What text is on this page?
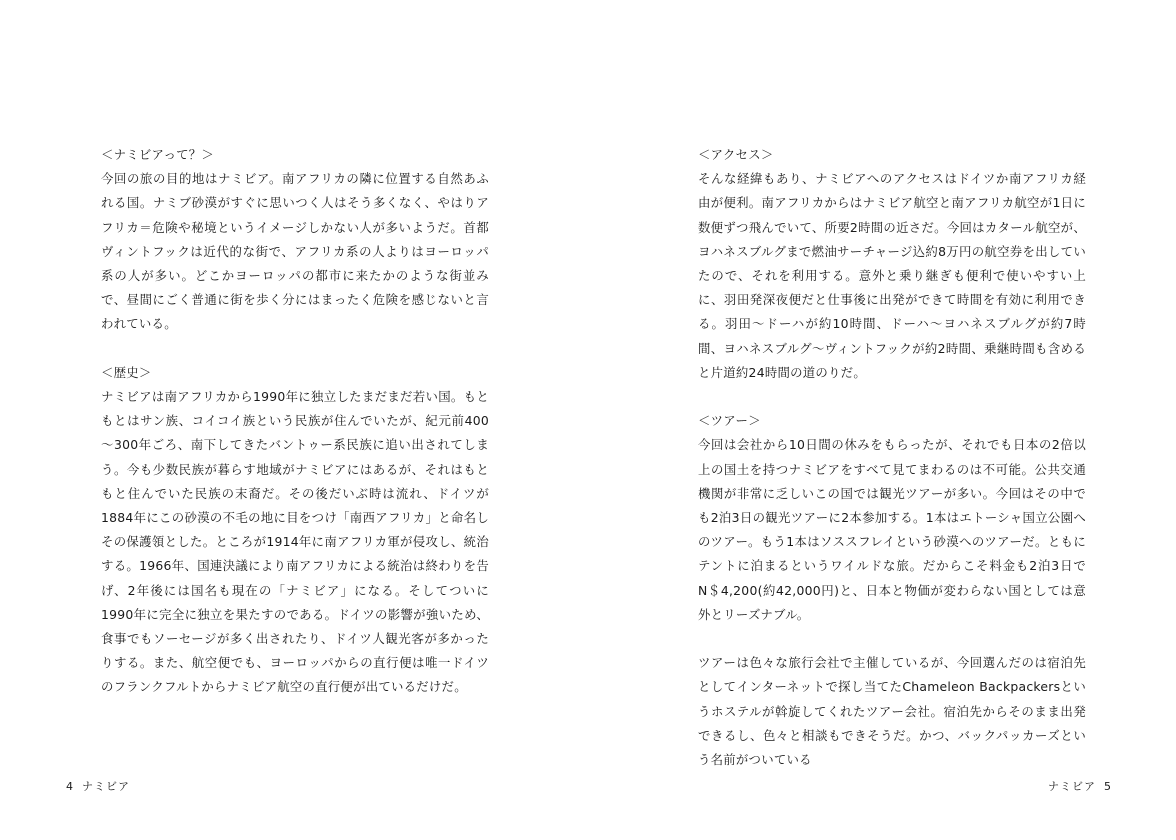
＜ナミビアって？＞

今回の旅の目的地はナミビア。南アフリカの隣に位置する自然あふれる国。ナミブ砂漠がすぐに思いつく人はそう多くなく、やはりアフリカ＝危険や秘境というイメージしかない人が多いようだ。首都ヴィントフックは近代的な街で、アフリカ系の人よりはヨーロッパ系の人が多い。どこかヨーロッパの都市に来たかのような街並みで、昼間にごく普通に街を歩く分にはまったく危険を感じないと言われている。

＜歴史＞

ナミビアは南アフリカから1990年に独立したまだまだ若い国。もともとはサン族、コイコイ族という民族が住んでいたが、紀元前400～300年ごろ、南下してきたバントゥー系民族に追い出されてしまう。今も少数民族が暮らす地域がナミビアにはあるが、それはもともと住んでいた民族の末裔だ。その後だいぶ時は流れ、ドイツが1884年にこの砂漠の不毛の地に目をつけ「南西アフリカ」と命名しその保護領とした。ところが1914年に南アフリカ軍が侵攻し、統治する。1966年、国連決議により南アフリカによる統治は終わりを告げ、2年後には国名も現在の「ナミビア」になる。そしてついに1990年に完全に独立を果たすのである。ドイツの影響が強いため、食事でもソーセージが多く出されたり、ドイツ人観光客が多かったりする。また、航空便でも、ヨーロッパからの直行便は唯一ドイツのフランクフルトからナミビア航空の直行便が出ているだけだ。

4 ナミビア
＜アクセス＞

そんな経緯もあり、ナミビアへのアクセスはドイツか南アフリカ経由が便利。南アフリカからはナミビア航空と南アフリカ航空が1日に数便ずつ飛んでいて、所要2時間の近さだ。今回はカタール航空が、ヨハネスブルグまで燃油サーチャージ込約8万円の航空券を出していたので、それを利用する。意外と乗り継ぎも便利で使いやすい上に、羽田発深夜便だと仕事後に出発ができて時間を有効に利用できる。羽田～ドーハが約10時間、ドーハ～ヨハネスブルグが約7時間、ヨハネスブルグ～ヴィントフックが約2時間、乗継時間も含めると片道約24時間の道のりだ。

＜ツアー＞

今回は会社から10日間の休みをもらったが、それでも日本の2倍以上の国土を持つナミビアをすべて見てまわるのは不可能。公共交通機関が非常に乏しいこの国では観光ツアーが多い。今回はその中でも2泊3日の観光ツアーに2本参加する。1本はエトーシャ国立公園へのツアー。もう1本はソススフレイという砂漠へのツアーだ。ともにテントに泊まるというワイルドな旅。だからこそ料金も2泊3日でN＄4,200(約42,000円)と、日本と物価が変わらない国としては意外とリーズナブル。

ツアーは色々な旅行会社で主催しているが、今回選んだのは宿泊先としてインターネットで探し当てたChameleon Backpackersというホステルが斡旋してくれたツアー会社。宿泊先からそのまま出発できるし、色々と相談もできそうだ。かつ、バックパッカーズという名前がついている

ナミビア 5
